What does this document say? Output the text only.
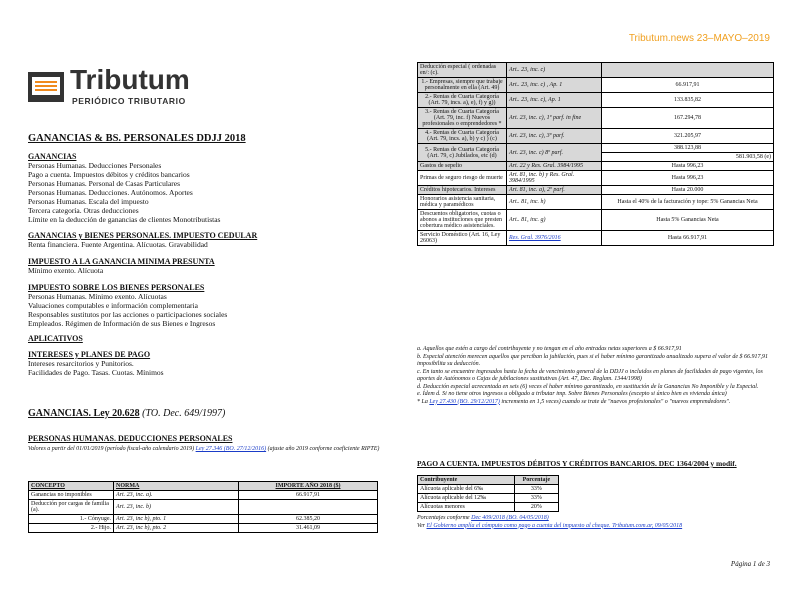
Tributum.news 23–MAYO–2019
Tributum
PERIÓDICO TRIBUTARIO
GANANCIAS & BS. PERSONALES DDJJ 2018
GANANCIAS
Personas Humanas. Deducciones Personales
Pago a cuenta. Impuestos débitos y créditos bancarios
Personas Humanas. Personal de Casas Particulares
Personas Humanas. Deducciones. Autónomos. Aportes
Personas Humanas. Escala del impuesto
Tercera categoría. Otras deducciones
Límite en la deducción de ganancias de clientes Monotributistas
GANANCIAS y BIENES PERSONALES. IMPUESTO CEDULAR
Renta financiera. Fuente Argentina. Alícuotas. Gravabilidad
IMPUESTO A LA GANANCIA MINIMA PRESUNTA
Mínimo exento. Alícuota
IMPUESTO SOBRE LOS BIENES PERSONALES
Personas Humanas. Mínimo exento. Alícuotas
Valuaciones computables e información complementaria
Responsables sustitutos por las acciones o participaciones sociales
Empleados. Régimen de Información de sus Bienes e Ingresos
APLICATIVOS
INTERESES y PLANES DE PAGO
Intereses resarcitorios y Punitorios.
Facilidades de Pago. Tasas. Cuotas. Mínimos
GANANCIAS. Ley 20.628 (TO. Dec. 649/1997)
PERSONAS HUMANAS. DEDUCCIONES PERSONALES
Valores a partir del 01/01/2019 (período fiscal-año calendario 2019) Ley 27.346 (BO. 27/12/2016) (ajuste año 2019 conforme coeficiente RIPTE)
CONCEPTO	NORMA	IMPORTE AÑO 2018 ($)
Ganancias no imponibles	Art. 23, inc. a).	66.917,91
Deducción por cargas de familia (a).	Art. 23, inc. b)	
1.- Cónyuge.	Art. 23, inc b), pto. 1	62.385,20
2.- Hijo.	Art. 23, inc b), pto. 2	31.461,09
Deducción especial ( ordenadas en/: (c).	Art.. 23, inc. c)	
1.- Empresas, siempre que trabaje personalmente en ella (Art. 49)	Art.. 23, inc. c) , Ap. 1	66.917,91
2.- Rentas de Cuarta Categoría (Art. 79, incs. a), e), f) y g))	Art.. 23, inc. c), Ap. 1	133.835,82
3.- Rentas de Cuarta Categoría (Art. 79, inc. f) Nuevos profesionales o emprendedores *	Art. 23, inc. c), 1º parf. in fine	167.294,78
4.- Rentas de Cuarta Categoría (Art. 79, incs. a), b) y c) ) (c)	Art. 23, inc. c), 3º parf.	321.205,97
5.- Rentas de Cuarta Categoría (Art. 79, c) Jubilados, etc (d)	Art. 23, inc. c) 8º parf.	388.123,88
		581.903,58 (e)
Gastos de sepelio	Art. 22 y Res. Gral. 3984/1995	Hasta 996,23
Primas de seguro riesgo de muerte	Art. 81, inc. b) y Res. Gral. 3984/1995	Hasta 996,23
Créditos hipotecarios. Intereses	Art. 81, inc. a), 2º parf.	Hasta 20.000
Honorarios asistencia sanitaria, médica y paramédicos	Art.. 81, inc. h)	Hasta el 40% de la facturación y tope: 5% Ganancias Neta
Descuentos obligatorios, cuotas o abonos a instituciones que presten cobertura médico asistenciales.	Art.. 81, inc. g)	Hasta 5% Ganancias Neta
Servicio Doméstico (Art. 16, Ley 26063)	Res. Gral. 3976/2016	Hasta 66.917,91
a. Aquellos que estén a cargo del contribuyente y no tengan en el año entradas netas superiores a $ 66.917,91
b. Especial atención merecen aquellos que perciban la jubilación, pues si el haber mínimo garantizado anualizado supera el valor de $ 66.917,91 imposibilita su deducción.
c. En tanto se encuentre ingresados hasta la fecha de vencimiento general de la DDJJ o incluidos en planes de facilidades de pago vigentes, los aportes de Autónomos o Cajas de jubilaciones sustitutivas (Art. 47, Dec. Reglam. 1344/1998)
d. Deducción especial acrecentada en seis (6) veces el haber mínimo garantizado, en sustitución de la Ganancias No Imponible y la Especial.
e. Ídem d. Si no tiene otros ingresos u obligado a tributar imp. Sobre Bienes Personales (excepto si único bien es vivienda única)
* La Ley 27.430 (BO. 29/12/2017) incrementa en 1,5 veces) cuando se trate de "nuevos profesionales" o "nuevos emprendedores".
PAGO A CUENTA. IMPUESTOS DÉBITOS Y CRÉDITOS BANCARIOS. DEC 1364/2004 y modif.
Contribuyente	Porcentaje
Alícuota aplicable del 6‰	33%
Alícuota aplicable del 12‰	33%
Alícuotas menores	20%
Porcentajes conforme Dec 409/2018 (BO. 04/05/2018)
Ver El Gobierno amplía el cómputo como pago a cuenta del impuesto al cheque. Tributum.com.ar, 09/05/2018
Página 1 de 3
